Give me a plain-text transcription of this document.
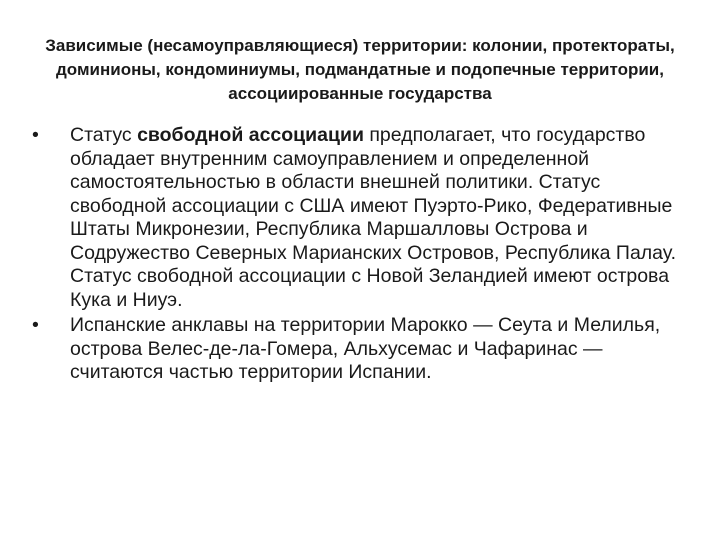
Зависимые (несамоуправляющиеся) территории: колонии, протектораты, доминионы, кондоминиумы, подмандатные и подопечные территории, ассоциированные государства
•	Статус свободной ассоциации предполагает, что государство обладает внутренним самоуправлением и определенной самостоятельностью в области внешней политики. Статус свободной ассоциации с США имеют Пуэрто-Рико, Федеративные Штаты Микронезии, Республика Маршалловы Острова и Содружество Северных Марианских Островов, Республика Палау. Статус свободной ассоциации с Новой Зеландией имеют острова Кука и Ниуэ.
•	Испанские анклавы на территории Марокко — Сеута и Мелилья, острова Велес-де-ла-Гомера, Альхусемас и Чафаринас — считаются частью территории Испании.
